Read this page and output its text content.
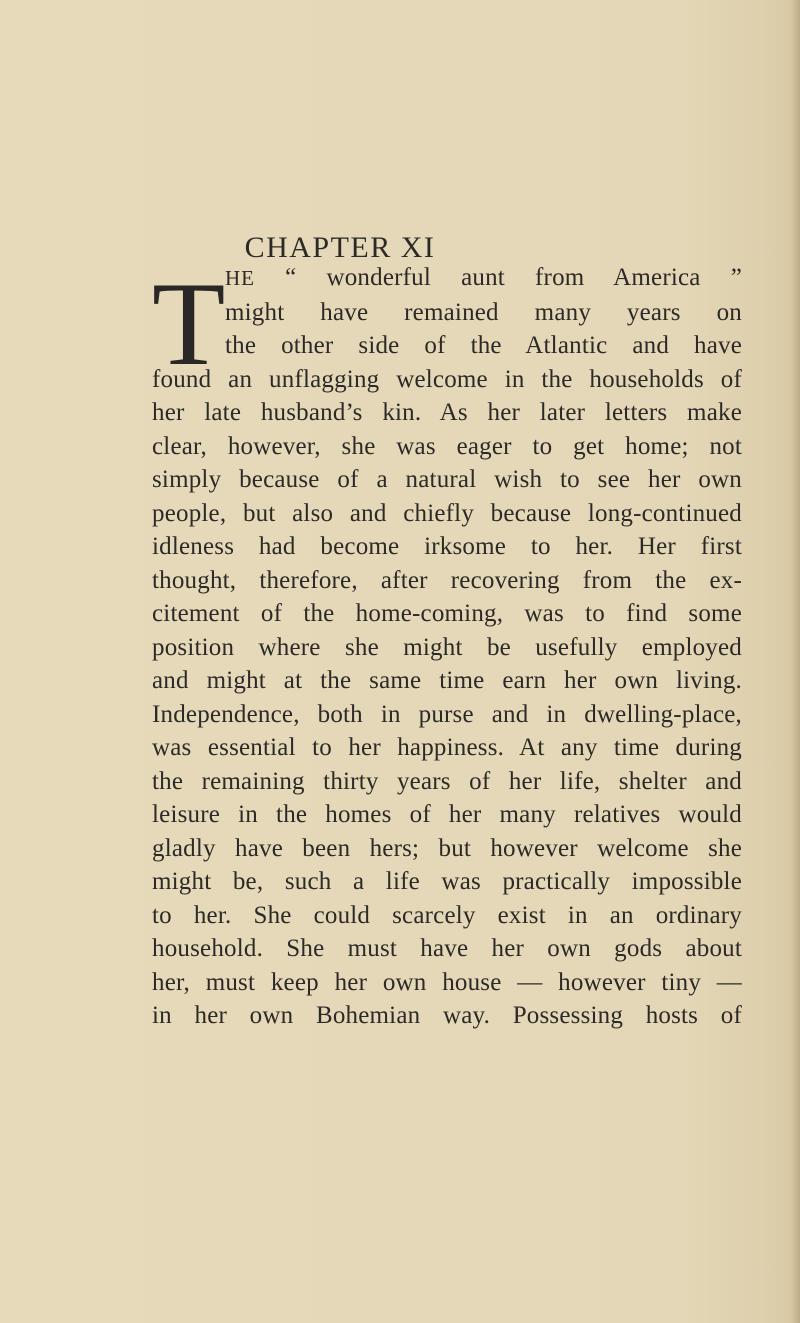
CHAPTER XI
T HE “ wonderful aunt from America ”
might have remained many years on
the other side of the Atlantic and have
found an unflagging welcome in the households of
her late husband’s kin. As her later letters make
clear, however, she was eager to get home; not
simply because of a natural wish to see her own
people, but also and chiefly because long-continued
idleness had become irksome to her. Her first
thought, therefore, after recovering from the ex-
citement of the home-coming, was to find some
position where she might be usefully employed
and might at the same time earn her own living.
Independence, both in purse and in dwelling-place,
was essential to her happiness. At any time during
the remaining thirty years of her life, shelter and
leisure in the homes of her many relatives would
gladly have been hers; but however welcome she
might be, such a life was practically impossible
to her. She could scarcely exist in an ordinary
household. She must have her own gods about
her, must keep her own house — however tiny —
in her own Bohemian way. Possessing hosts of
